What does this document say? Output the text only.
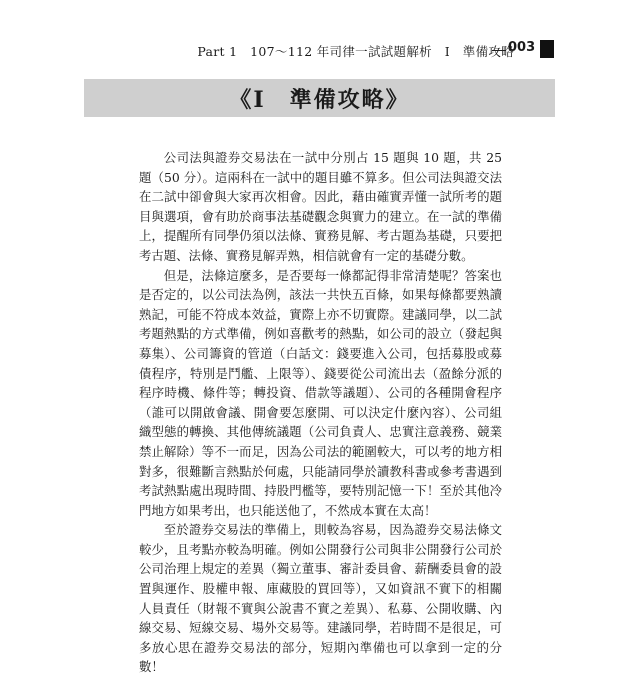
Part 1　107～112 年司律一試試題解析　I　準備攻略
003
《Ⅰ　準備攻略》

公司法與證券交易法在一試中分別占 15 題與 10 題，共 25 題（50 分）。這兩科在一試中的題目雖不算多。但公司法與證交法在二試中卻會與大家再次相會。因此，藉由確實弄懂一試所考的題目與選項，會有助於商事法基礎觀念與實力的建立。在一試的準備上，提醒所有同學仍須以法條、實務見解、考古題為基礎，只要把考古題、法條、實務見解弄熟，相信就會有一定的基礎分數。

但是，法條這麼多，是否要每一條都記得非常清楚呢？答案也是否定的，以公司法為例，該法一共快五百條，如果每條都要熟讀熟記，可能不符成本效益，實際上亦不切實際。建議同學，以二試考題熱點的方式準備，例如喜歡考的熱點，如公司的設立（發起與募集）、公司籌資的管道（白話文：錢要進入公司，包括募股或募債程序，特別是鬥艦、上限等）、錢要從公司流出去（盈餘分派的程序時機、條件等；轉投資、借款等議題）、公司的各種開會程序（誰可以開啟會議、開會要怎麼開、可以決定什麼內容）、公司組織型態的轉換、其他傳統議題（公司負責人、忠實注意義務、競業禁止解除）等不一而足，因為公司法的範圍較大，可以考的地方相對多，很難斷言熱點於何處，只能請同學於讀教科書或參考書遇到考試熱點處出現時間、持股門檻等，要特別記憶一下！至於其他冷門地方如果考出，也只能送他了，不然成本實在太高！

至於證券交易法的準備上，則較為容易，因為證券交易法條文較少，且考點亦較為明確。例如公開發行公司與非公開發行公司於公司治理上規定的差異（獨立董事、審計委員會、薪酬委員會的設置與運作、股權申報、庫藏股的買回等），又如資訊不實下的相關人員責任（財報不實與公說書不實之差異）、私募、公開收購、內線交易、短線交易、場外交易等。建議同學，若時間不是很足，可多放心思在證券交易法的部分，短期內準備也可以拿到一定的分數！
